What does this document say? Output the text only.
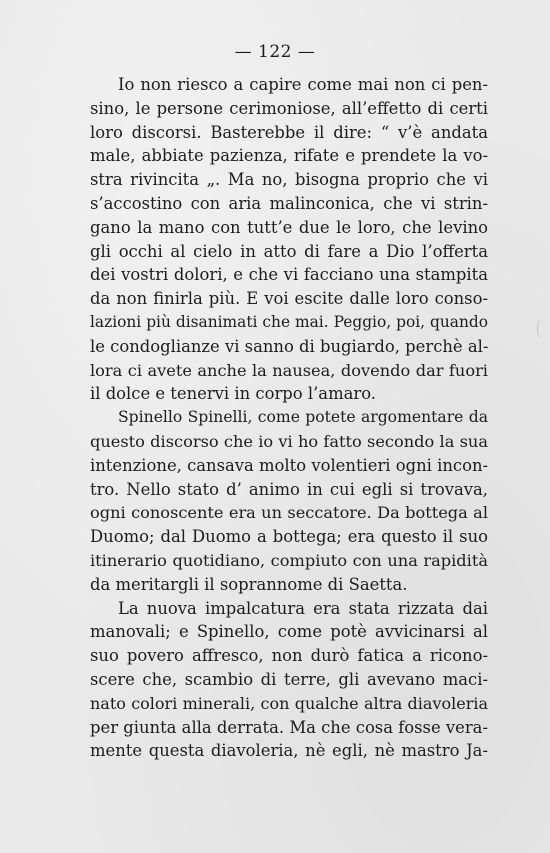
— 122 —
Io non riesco a capire come mai non ci pen-
sino, le persone cerimoniose, all’effetto di certi
loro discorsi. Basterebbe il dire: “ v’è andata
male, abbiate pazienza, rifate e prendete la vo-
stra rivincita „. Ma no, bisogna proprio che vi
s’accostino con aria malinconica, che vi strin-
gano la mano con tutt’e due le loro, che levino
gli occhi al cielo in atto di fare a Dio l’offerta
dei vostri dolori, e che vi facciano una stampita
da non finirla più. E voi escite dalle loro conso-
lazioni più disanimati che mai. Peggio, poi, quando
le condoglianze vi sanno di bugiardo, perchè al-
lora ci avete anche la nausea, dovendo dar fuori
il dolce e tenervi in corpo l’amaro.
Spinello Spinelli, come potete argomentare da
questo discorso che io vi ho fatto secondo la sua
intenzione, cansava molto volentieri ogni incon-
tro. Nello stato d’ animo in cui egli si trovava,
ogni conoscente era un seccatore. Da bottega al
Duomo; dal Duomo a bottega; era questo il suo
itinerario quotidiano, compiuto con una rapidità
da meritargli il soprannome di Saetta.
La nuova impalcatura era stata rizzata dai
manovali; e Spinello, come potè avvicinarsi al
suo povero affresco, non durò fatica a ricono-
scere che, scambio di terre, gli avevano maci-
nato colori minerali, con qualche altra diavoleria
per giunta alla derrata. Ma che cosa fosse vera-
mente questa diavoleria, nè egli, nè mastro Ja-
